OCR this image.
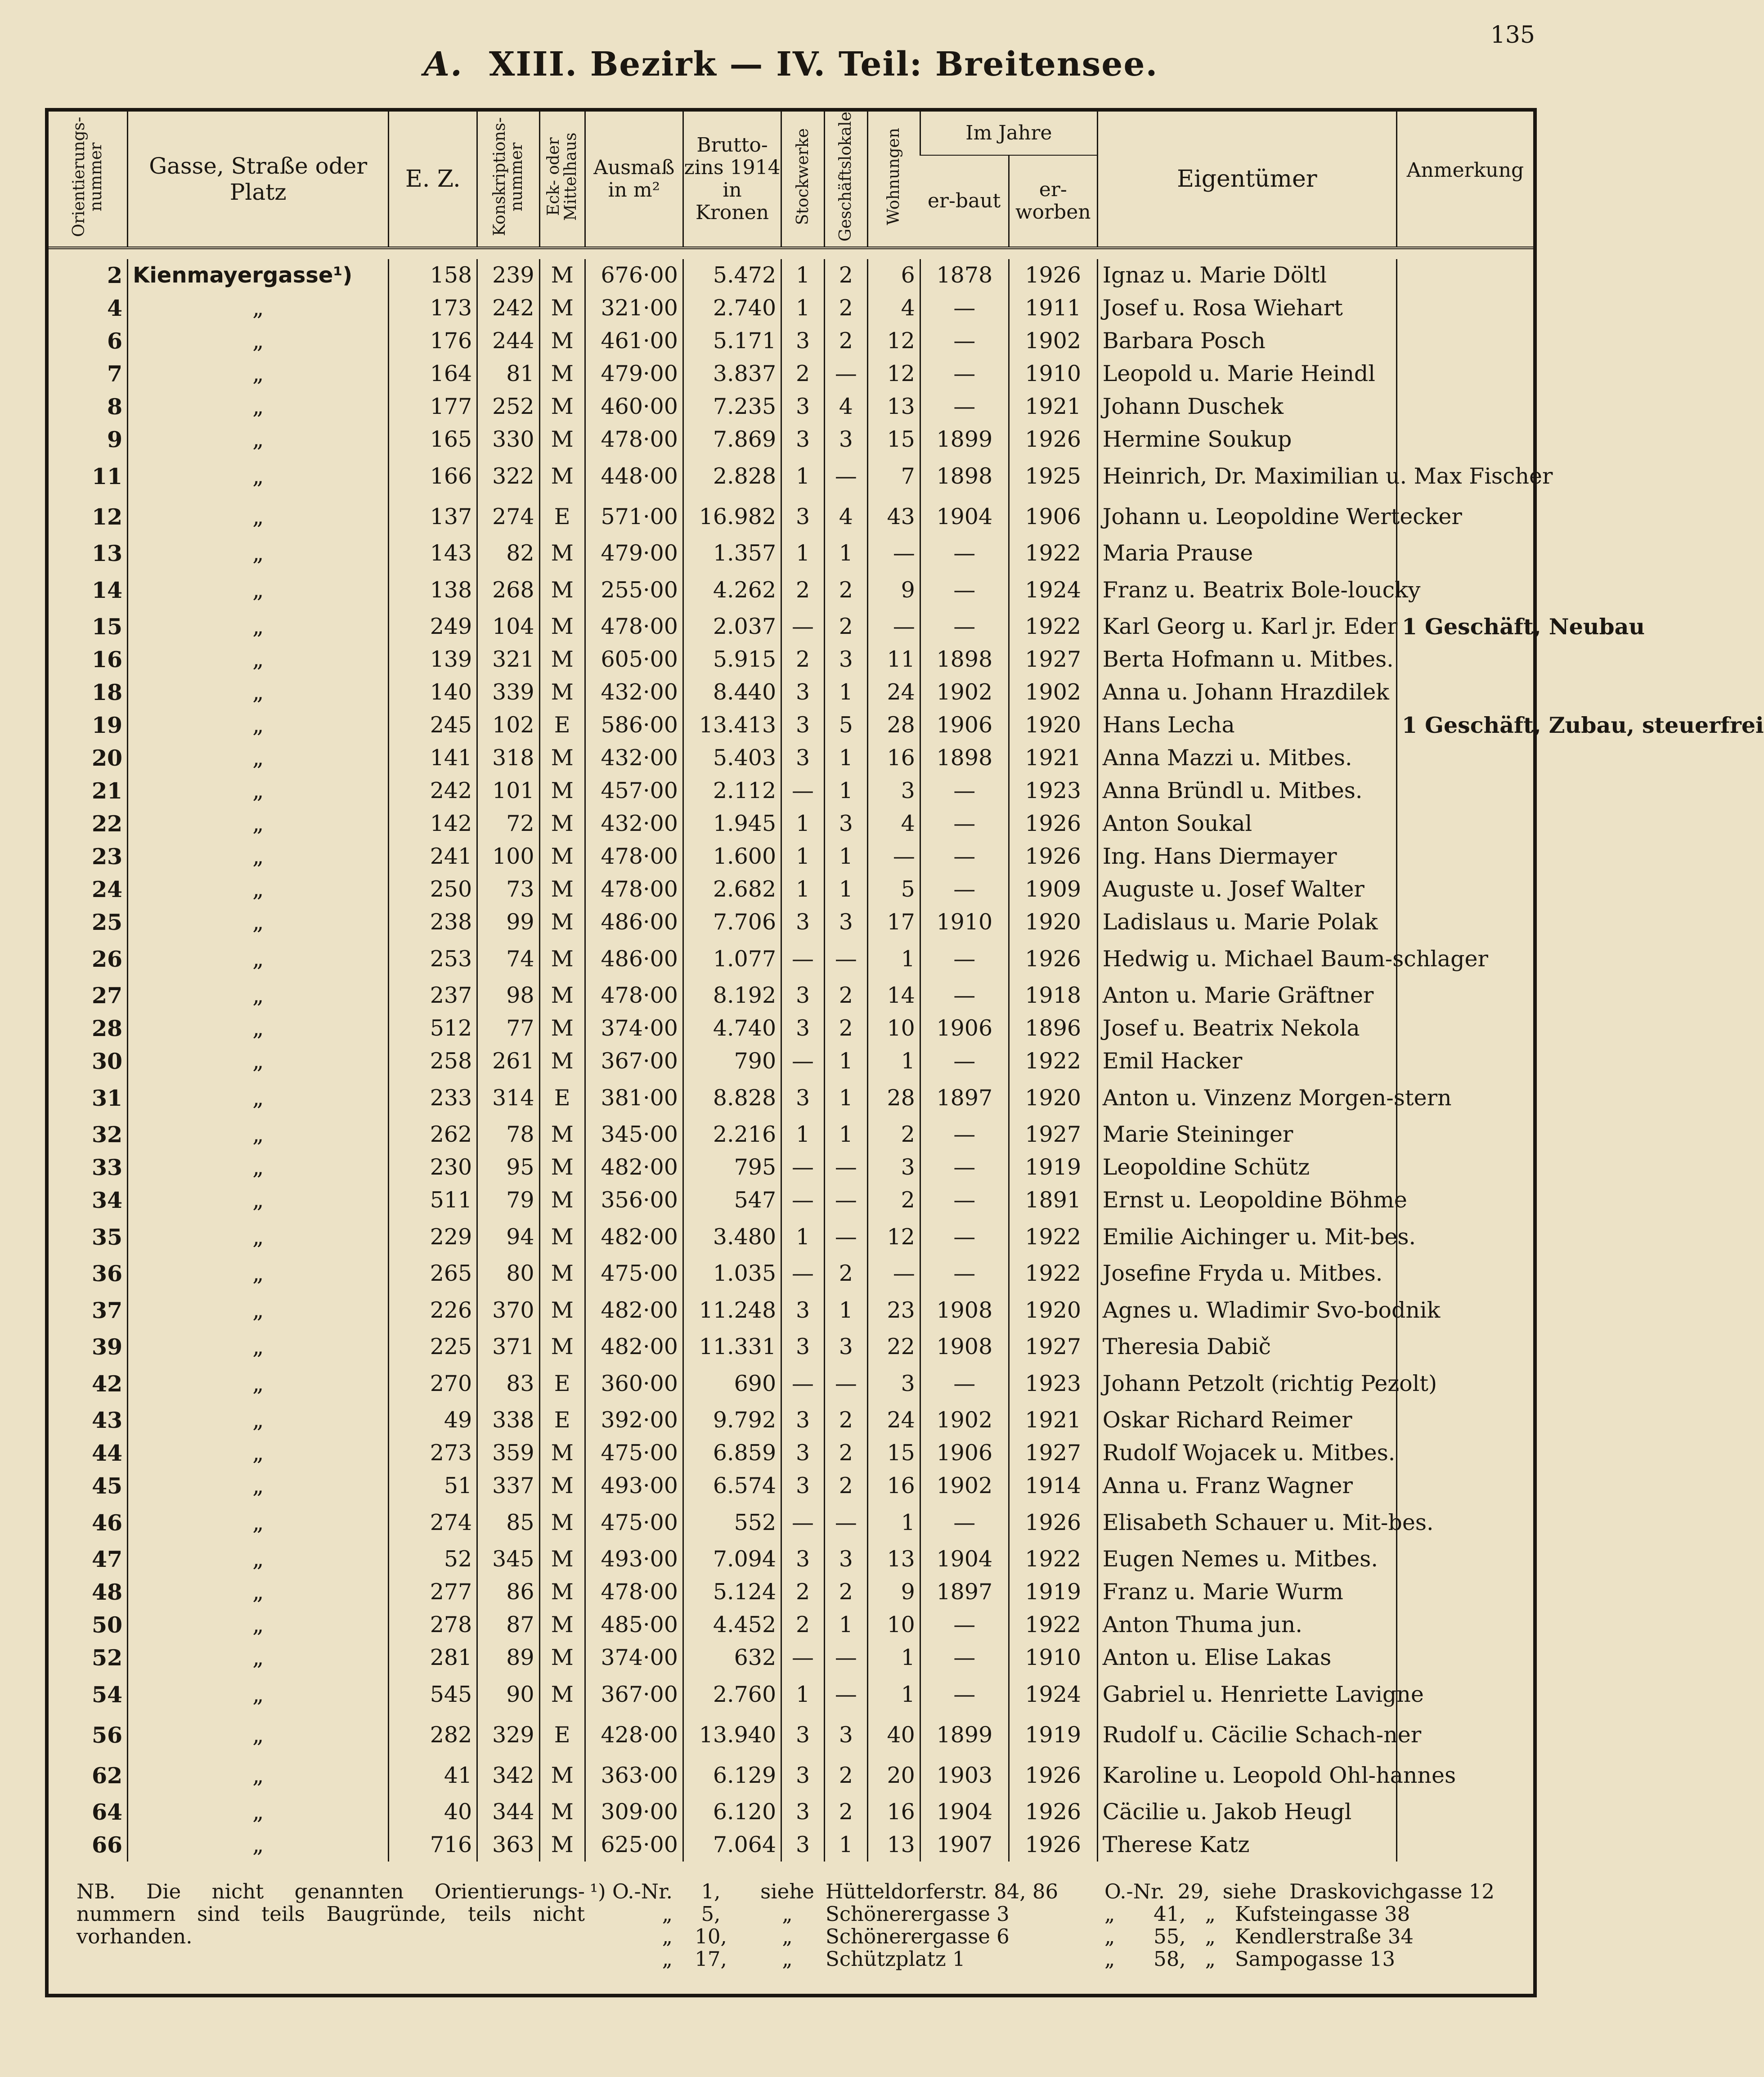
135
A. XIII. Bezirk — IV. Teil: Breitensee.
Orientierungs-nummer	Gasse, Straße oder Platz	E. Z.	Konskriptions-nummer	Eck- oder Mittelhaus	Ausmaß in m²	Brutto-zins 1914 in Kronen	Stockwerke	Geschäftslokale	Wohnungen	Im Jahre		Eigentümer	Anmerkung
										er-baut	er-worben		

2	Kienmayergasse¹)	158	239	M	676·00	5.472	1	2	6	1878	1926	Ignaz u. Marie Döltl	
4	„	173	242	M	321·00	2.740	1	2	4	—	1911	Josef u. Rosa Wiehart	
6	„	176	244	M	461·00	5.171	3	2	12	—	1902	Barbara Posch	
7	„	164	81	M	479·00	3.837	2	—	12	—	1910	Leopold u. Marie Heindl	
8	„	177	252	M	460·00	7.235	3	4	13	—	1921	Johann Duschek	
9	„	165	330	M	478·00	7.869	3	3	15	1899	1926	Hermine Soukup	
11	„	166	322	M	448·00	2.828	1	—	7	1898	1925	Heinrich, Dr. Maximilian u. Max Fischer	
12	„	137	274	E	571·00	16.982	3	4	43	1904	1906	Johann u. Leopoldine Wertecker	
13	„	143	82	M	479·00	1.357	1	1	—	—	1922	Maria Prause	
14	„	138	268	M	255·00	4.262	2	2	9	—	1924	Franz u. Beatrix Bole-loucky	
15	„	249	104	M	478·00	2.037	—	2	—	—	1922	Karl Georg u. Karl jr. Eder	1 Geschäft, Neubau
16	„	139	321	M	605·00	5.915	2	3	11	1898	1927	Berta Hofmann u. Mitbes.	
18	„	140	339	M	432·00	8.440	3	1	24	1902	1902	Anna u. Johann Hrazdilek	
19	„	245	102	E	586·00	13.413	3	5	28	1906	1920	Hans Lecha	1 Geschäft, Zubau, steuerfrei
20	„	141	318	M	432·00	5.403	3	1	16	1898	1921	Anna Mazzi u. Mitbes.	
21	„	242	101	M	457·00	2.112	—	1	3	—	1923	Anna Bründl u. Mitbes.	
22	„	142	72	M	432·00	1.945	1	3	4	—	1926	Anton Soukal	
23	„	241	100	M	478·00	1.600	1	1	—	—	1926	Ing. Hans Diermayer	
24	„	250	73	M	478·00	2.682	1	1	5	—	1909	Auguste u. Josef Walter	
25	„	238	99	M	486·00	7.706	3	3	17	1910	1920	Ladislaus u. Marie Polak	
26	„	253	74	M	486·00	1.077	—	—	1	—	1926	Hedwig u. Michael Baum-schlager	
27	„	237	98	M	478·00	8.192	3	2	14	—	1918	Anton u. Marie Gräftner	
28	„	512	77	M	374·00	4.740	3	2	10	1906	1896	Josef u. Beatrix Nekola	
30	„	258	261	M	367·00	790	—	1	1	—	1922	Emil Hacker	
31	„	233	314	E	381·00	8.828	3	1	28	1897	1920	Anton u. Vinzenz Morgen-stern	
32	„	262	78	M	345·00	2.216	1	1	2	—	1927	Marie Steininger	
33	„	230	95	M	482·00	795	—	—	3	—	1919	Leopoldine Schütz	
34	„	511	79	M	356·00	547	—	—	2	—	1891	Ernst u. Leopoldine Böhme	
35	„	229	94	M	482·00	3.480	1	—	12	—	1922	Emilie Aichinger u. Mit-bes.	
36	„	265	80	M	475·00	1.035	—	2	—	—	1922	Josefine Fryda u. Mitbes.	
37	„	226	370	M	482·00	11.248	3	1	23	1908	1920	Agnes u. Wladimir Svo-bodnik	
39	„	225	371	M	482·00	11.331	3	3	22	1908	1927	Theresia Dabič	
42	„	270	83	E	360·00	690	—	—	3	—	1923	Johann Petzolt (richtig Pezolt)	
43	„	49	338	E	392·00	9.792	3	2	24	1902	1921	Oskar Richard Reimer	
44	„	273	359	M	475·00	6.859	3	2	15	1906	1927	Rudolf Wojacek u. Mitbes.	
45	„	51	337	M	493·00	6.574	3	2	16	1902	1914	Anna u. Franz Wagner	
46	„	274	85	M	475·00	552	—	—	1	—	1926	Elisabeth Schauer u. Mit-bes.	
47	„	52	345	M	493·00	7.094	3	3	13	1904	1922	Eugen Nemes u. Mitbes.	
48	„	277	86	M	478·00	5.124	2	2	9	1897	1919	Franz u. Marie Wurm	
50	„	278	87	M	485·00	4.452	2	1	10	—	1922	Anton Thuma jun.	
52	„	281	89	M	374·00	632	—	—	1	—	1910	Anton u. Elise Lakas	
54	„	545	90	M	367·00	2.760	1	—	1	—	1924	Gabriel u. Henriette Lavigne	
56	„	282	329	E	428·00	13.940	3	3	40	1899	1919	Rudolf u. Cäcilie Schach-ner	
62	„	41	342	M	363·00	6.129	3	2	20	1903	1926	Karoline u. Leopold Ohl-hannes	
64	„	40	344	M	309·00	6.120	3	2	16	1904	1926	Cäcilie u. Jakob Heugl	
66	„	716	363	M	625·00	7.064	3	1	13	1907	1926	Therese Katz	
NB. Die nicht genannten Orientierungs-nummern sind teils Baugründe, teils nicht vorhanden.
¹) O.-Nr.	1,	siehe Hütteldorferstr. 84, 86	O.-Nr.  29,  siehe  Draskovichgasse 12
„	5,	„	Schönerergasse 3	„      41,   „   Kufsteingasse 38
„	10,	„	Schönerergasse 6	„      55,   „   Kendlerstraße 34
„	17,	„	Schützplatz 1	„      58,   „   Sampogasse 13
